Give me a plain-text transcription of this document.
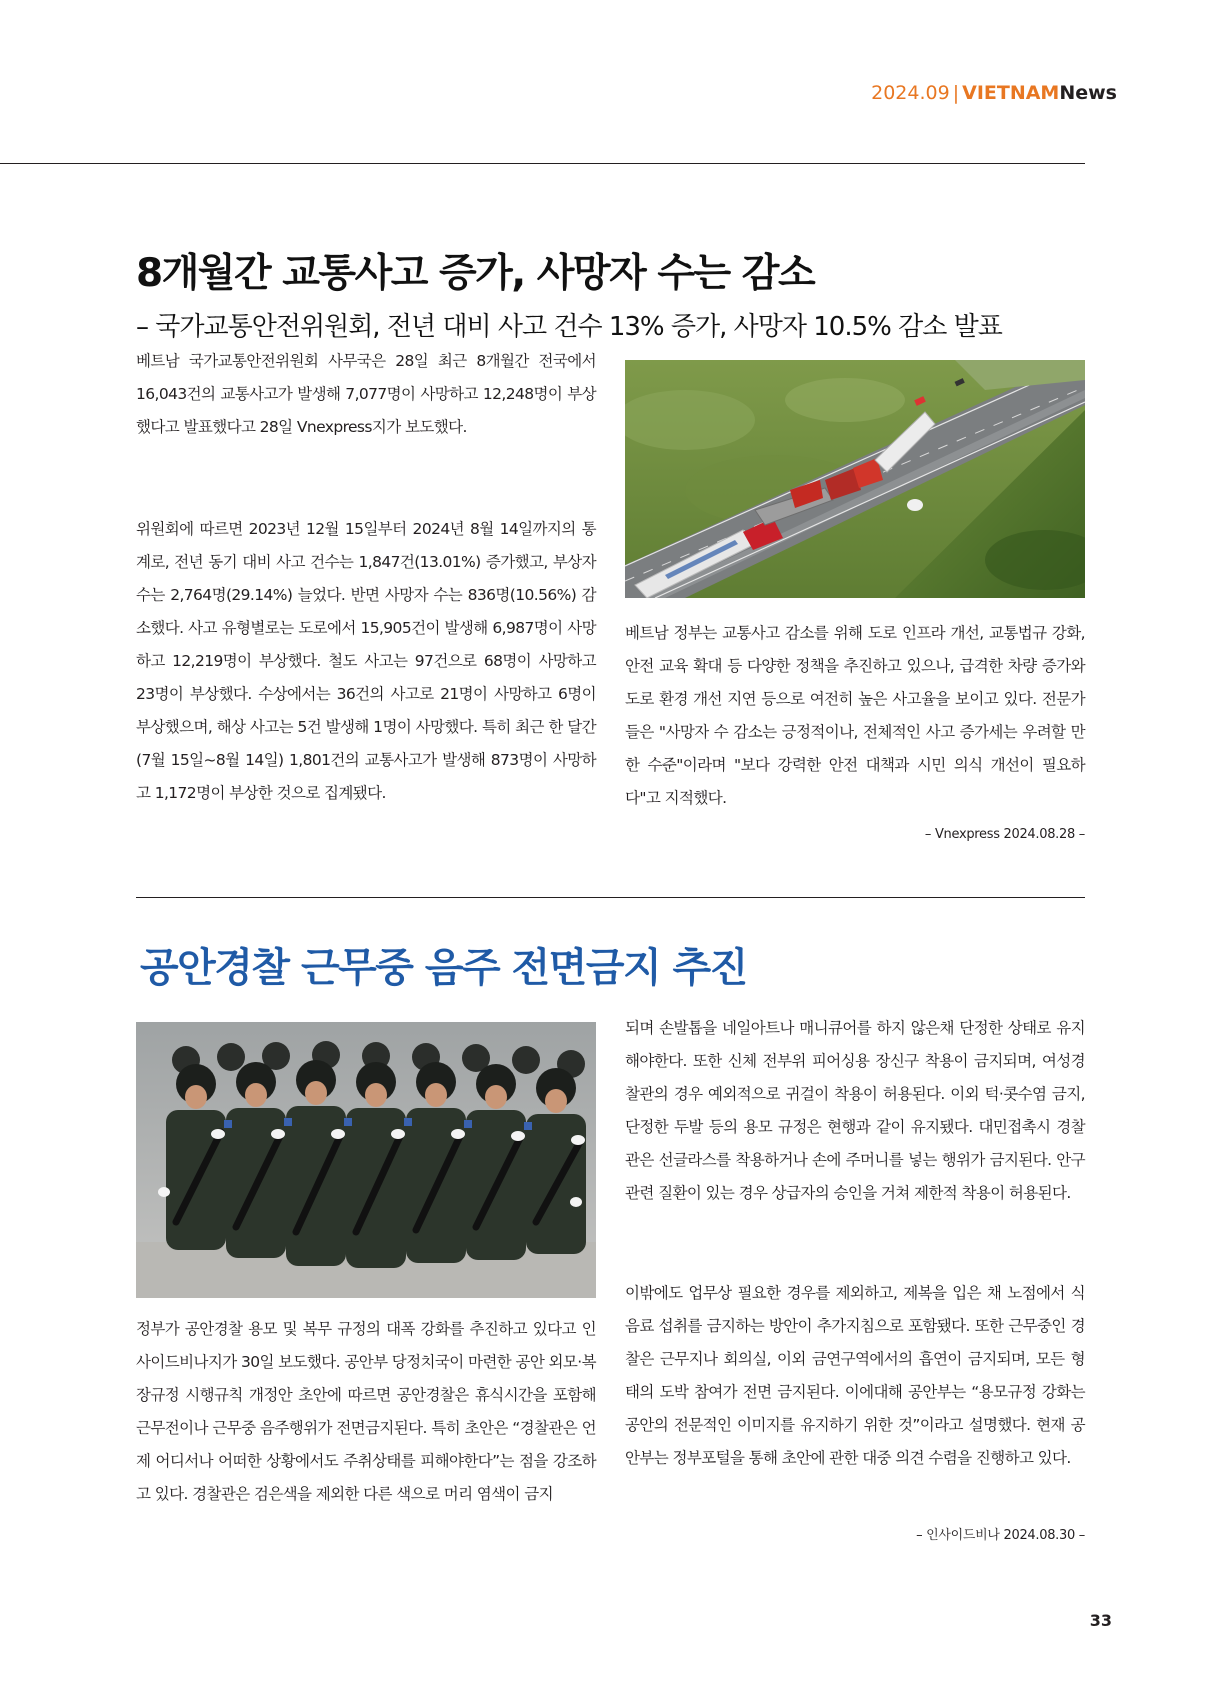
2024.09 | VIETNAMNews
8개월간 교통사고 증가, 사망자 수는 감소
– 국가교통안전위원회, 전년 대비 사고 건수 13% 증가, 사망자 10.5% 감소 발표

베트남 국가교통안전위원회 사무국은 28일 최근 8개월간 전국에서 16,043건의 교통사고가 발생해 7,077명이 사망하고 12,248명이 부상했다고 발표했다고 28일 Vnexpress지가 보도했다.

위원회에 따르면 2023년 12월 15일부터 2024년 8월 14일까지의 통계로, 전년 동기 대비 사고 건수는 1,847건(13.01%) 증가했고, 부상자 수는 2,764명(29.14%) 늘었다. 반면 사망자 수는 836명(10.56%) 감소했다. 사고 유형별로는 도로에서 15,905건이 발생해 6,987명이 사망하고 12,219명이 부상했다. 철도 사고는 97건으로 68명이 사망하고 23명이 부상했다. 수상에서는 36건의 사고로 21명이 사망하고 6명이 부상했으며, 해상 사고는 5건 발생해 1명이 사망했다. 특히 최근 한 달간(7월 15일~8월 14일) 1,801건의 교통사고가 발생해 873명이 사망하고 1,172명이 부상한 것으로 집계됐다.

베트남 정부는 교통사고 감소를 위해 도로 인프라 개선, 교통법규 강화, 안전 교육 확대 등 다양한 정책을 추진하고 있으나, 급격한 차량 증가와 도로 환경 개선 지연 등으로 여전히 높은 사고율을 보이고 있다. 전문가들은 "사망자 수 감소는 긍정적이나, 전체적인 사고 증가세는 우려할 만한 수준"이라며 "보다 강력한 안전 대책과 시민 의식 개선이 필요하다"고 지적했다.

– Vnexpress 2024.08.28 –
공안경찰 근무중 음주 전면금지 추진

정부가 공안경찰 용모 및 복무 규정의 대폭 강화를 추진하고 있다고 인사이드비나지가 30일 보도했다. 공안부 당정치국이 마련한 공안 외모·복장규정 시행규칙 개정안 초안에 따르면 공안경찰은 휴식시간을 포함해 근무전이나 근무중 음주행위가 전면금지된다. 특히 초안은 “경찰관은 언제 어디서나 어떠한 상황에서도 주취상태를 피해야한다”는 점을 강조하고 있다. 경찰관은 검은색을 제외한 다른 색으로 머리 염색이 금지

되며 손발톱을 네일아트나 매니큐어를 하지 않은채 단정한 상태로 유지해야한다. 또한 신체 전부위 피어싱용 장신구 착용이 금지되며, 여성경찰관의 경우 예외적으로 귀걸이 착용이 허용된다. 이외 턱·콧수염 금지, 단정한 두발 등의 용모 규정은 현행과 같이 유지됐다. 대민접촉시 경찰관은 선글라스를 착용하거나 손에 주머니를 넣는 행위가 금지된다. 안구관련 질환이 있는 경우 상급자의 승인을 거쳐 제한적 착용이 허용된다.

이밖에도 업무상 필요한 경우를 제외하고, 제복을 입은 채 노점에서 식음료 섭취를 금지하는 방안이 추가지침으로 포함됐다. 또한 근무중인 경찰은 근무지나 회의실, 이외 금연구역에서의 흡연이 금지되며, 모든 형태의 도박 참여가 전면 금지된다. 이에대해 공안부는 “용모규정 강화는 공안의 전문적인 이미지를 유지하기 위한 것”이라고 설명했다. 현재 공안부는 정부포털을 통해 초안에 관한 대중 의견 수렴을 진행하고 있다.

– 인사이드비나 2024.08.30 –
33
